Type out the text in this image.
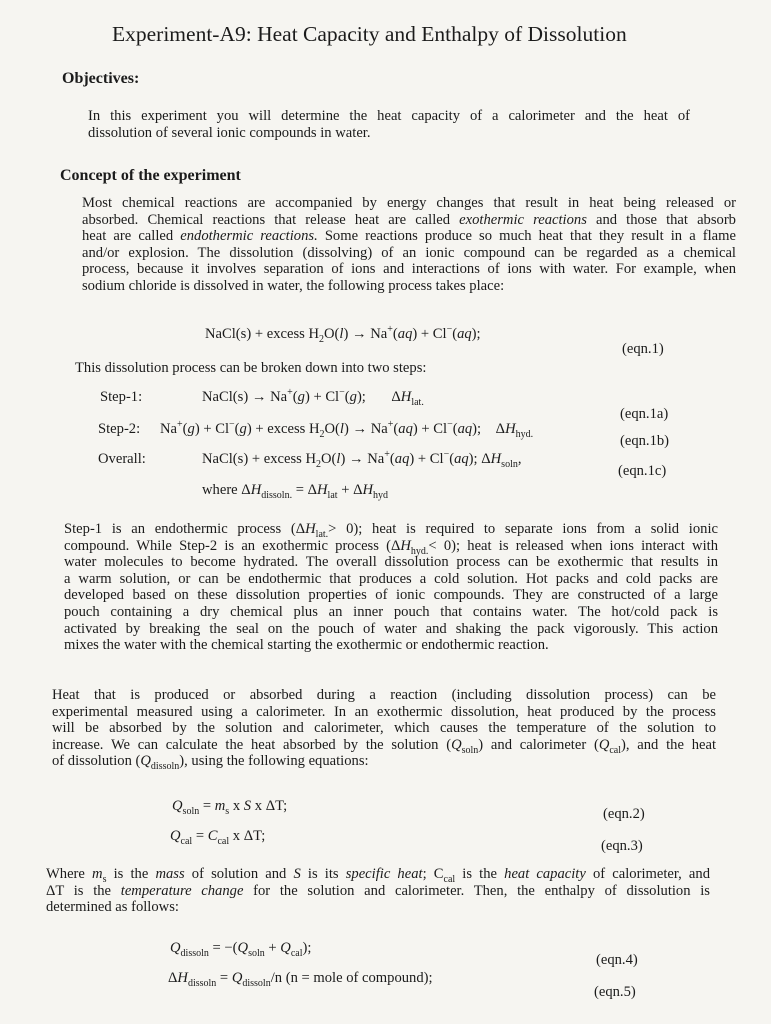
Experiment-A9: Heat Capacity and Enthalpy of Dissolution
Objectives:
In this experiment you will determine the heat capacity of a calorimeter and the heat of
dissolution of several ionic compounds in water.
Concept of the experiment
Most chemical reactions are accompanied by energy changes that result in heat being released or
absorbed. Chemical reactions that release heat are called exothermic reactions and those that absorb
heat are called endothermic reactions. Some reactions produce so much heat that they result in a flame
and/or explosion. The dissolution (dissolving) of an ionic compound can be regarded as a chemical
process, because it involves separation of ions and interactions of ions with water. For example, when
sodium chloride is dissolved in water, the following process takes place:
NaCl(s) + excess $H_2O(l) \to Na^+(aq) + Cl^-(aq)$;
(eqn.1)
This dissolution process can be broken down into two steps:
Step-1:	NaCl(s) → Na+(g) + Cl−(g);       $\Delta H_{lat.}$
(eqn.1a)
Step-2: Na+(g) + Cl−(g) + excess $H_2O(l) \to Na^+(aq) + Cl^-(aq)$;    $\Delta H_{hyd.}$	(eqn.1b)
Overall:	NaCl(s) + excess $H_2O(l) \to Na^+(aq) + Cl^-(aq)$; $\Delta H_{soln}$,
(eqn.1c)
where $\Delta H_{dissoln.} = \Delta H_{lat} + \Delta H_{hyd}$
Step-1 is an endothermic process $(\Delta H_{lat.}> 0)$; heat is required to separate ions from a solid ionic
compound. While Step-2 is an exothermic process $(\Delta H_{hyd.}< 0)$; heat is released when ions interact with
water molecules to become hydrated. The overall dissolution process can be exothermic that results in
a warm solution, or can be endothermic that produces a cold solution. Hot packs and cold packs are
developed based on these dissolution properties of ionic compounds. They are constructed of a large
pouch containing a dry chemical plus an inner pouch that contains water. The hot/cold pack is
activated by breaking the seal on the pouch of water and shaking the pack vigorously. This action
mixes the water with the chemical starting the exothermic or endothermic reaction.
Heat that is produced or absorbed during a reaction (including dissolution process) can be
experimental measured using a calorimeter. In an exothermic dissolution, heat produced by the process
will be absorbed by the solution and calorimeter, which causes the temperature of the solution to
increase. We can calculate the heat absorbed by the solution $(Q_{soln})$ and calorimeter $(Q_{cal})$, and the heat
of dissolution $(Q_{dissoln})$, using the following equations:
$Q_{soln} = m_s$ x S x ΔT;	(eqn.2)
$Q_{cal} = C_{cal}$ x ΔT;
(eqn.3)
Where $m_s$ is the mass of solution and S is its specific heat; $C_{cal}$ is the heat capacity of calorimeter, and
ΔT is the temperature change for the solution and calorimeter. Then, the enthalpy of dissolution is
determined as follows:
$Q_{dissoln} = -(Q_{soln} + Q_{cal})$;
(eqn.4)
$\Delta H_{dissoln} = Q_{dissoln}/n$ (n = mole of compound);
(eqn.5)
